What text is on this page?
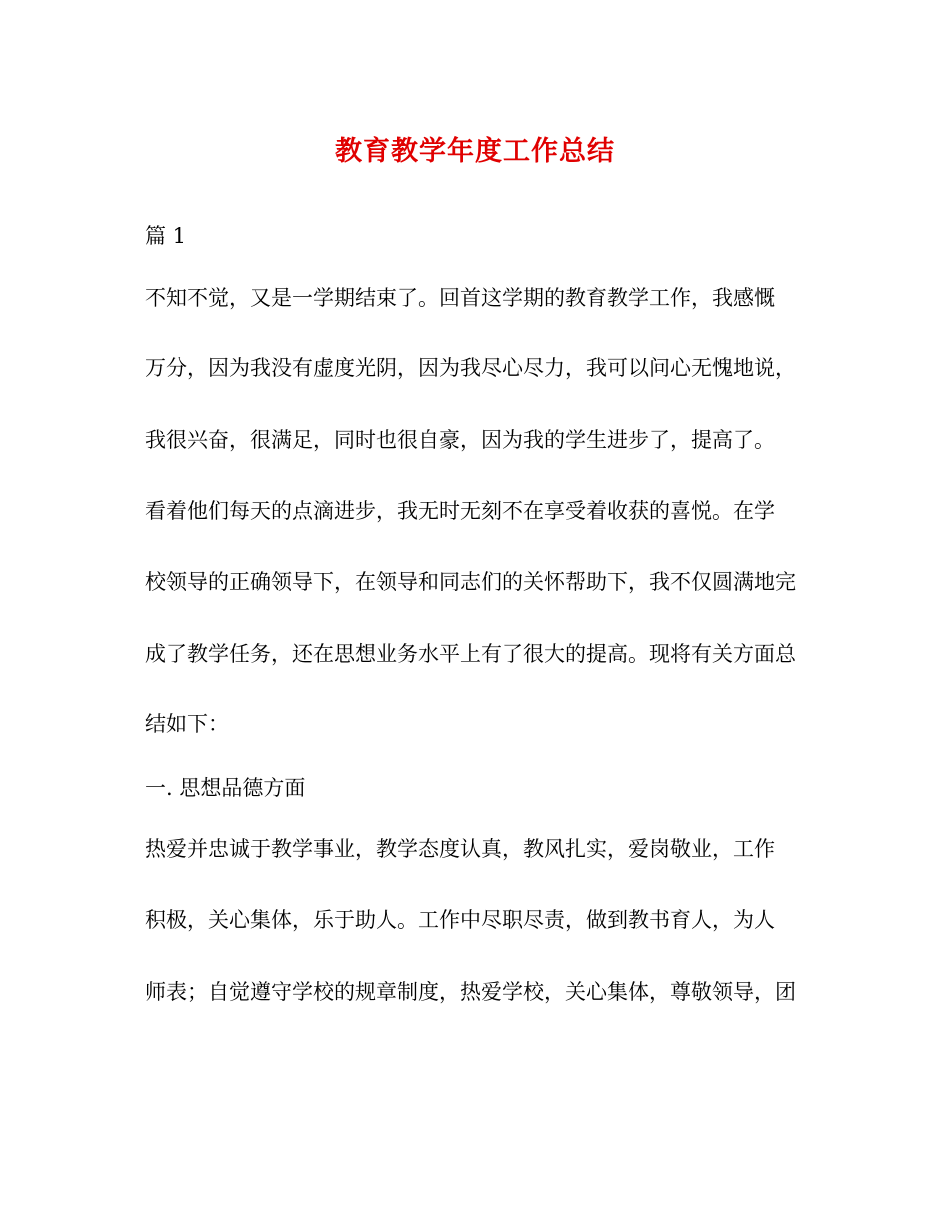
教育教学年度工作总结
篇 1
不知不觉，又是一学期结束了。回首这学期的教育教学工作，我感慨
万分，因为我没有虚度光阴，因为我尽心尽力，我可以问心无愧地说，
我很兴奋，很满足，同时也很自豪，因为我的学生进步了，提高了。
看着他们每天的点滴进步，我无时无刻不在享受着收获的喜悦。在学
校领导的正确领导下，在领导和同志们的关怀帮助下，我不仅圆满地完
成了教学任务，还在思想业务水平上有了很大的提高。现将有关方面总
结如下：
一. 思想品德方面
热爱并忠诚于教学事业，教学态度认真，教风扎实，爱岗敬业，工作
积极，关心集体，乐于助人。工作中尽职尽责，做到教书育人，为人
师表；自觉遵守学校的规章制度，热爱学校，关心集体，尊敬领导，团
